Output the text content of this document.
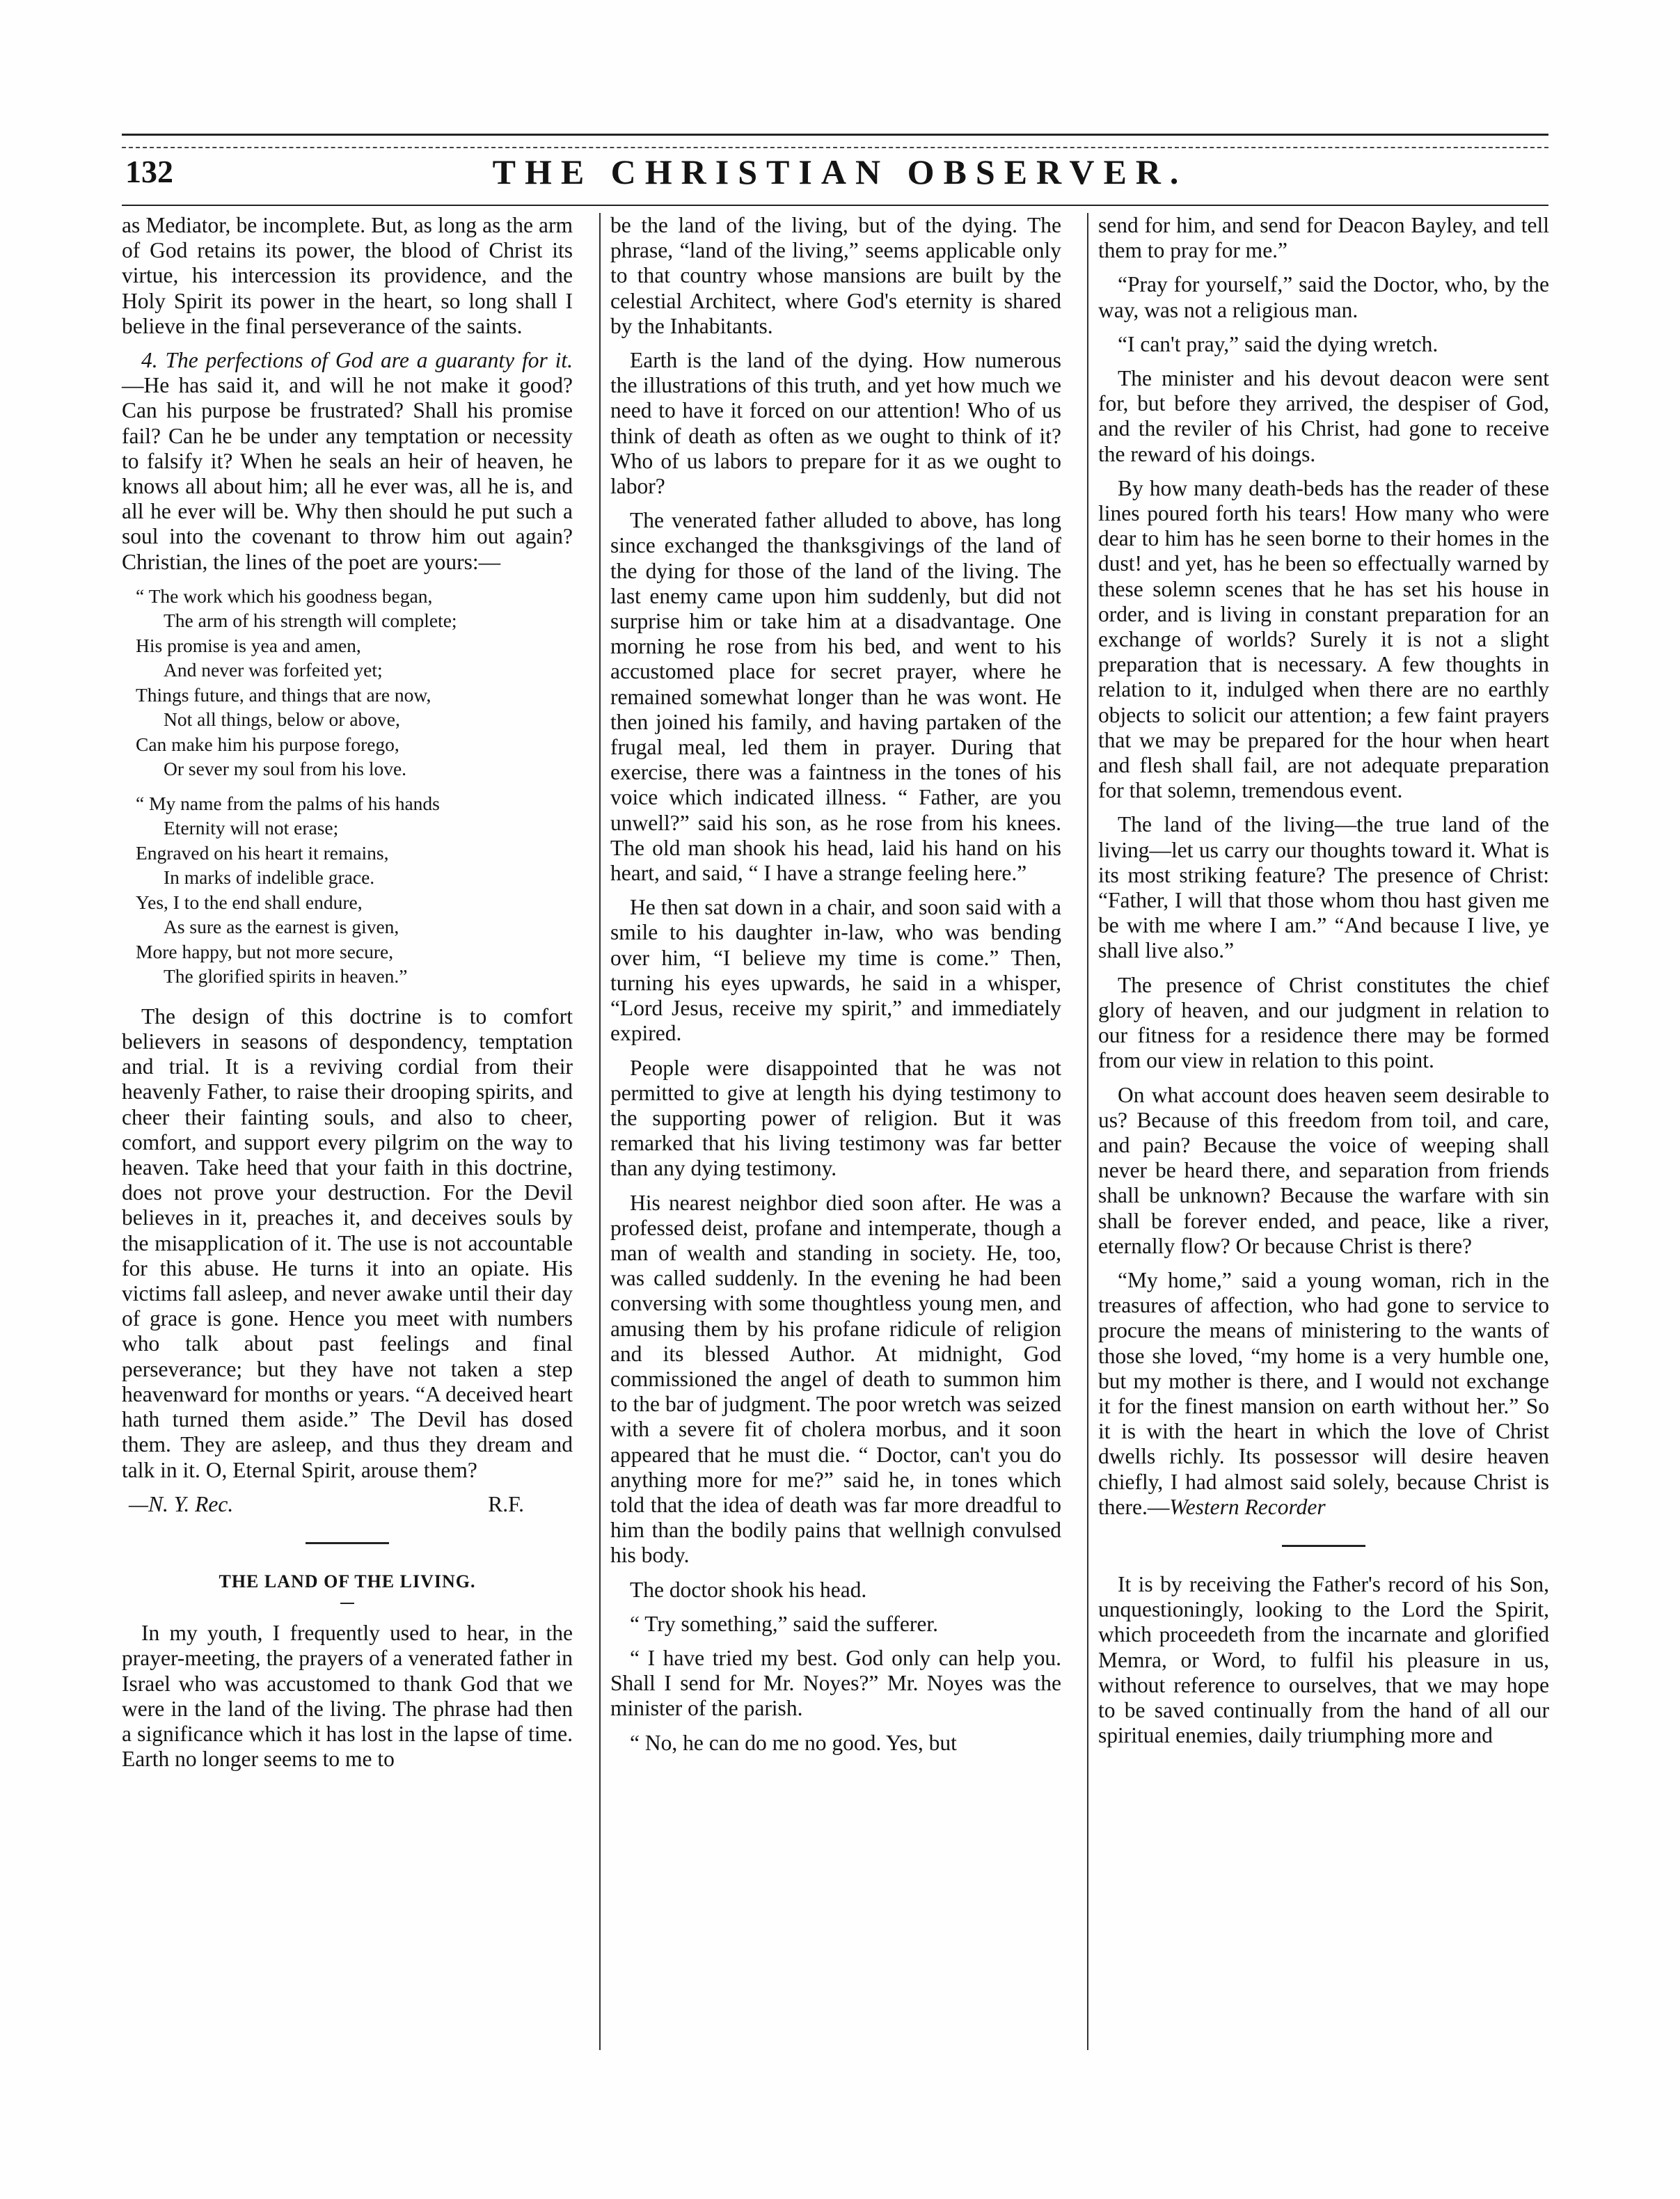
132	THE CHRISTIAN OBSERVER.

as Mediator, be incomplete. But, as long as the arm of God retains its power, the blood of Christ its virtue, his intercession its providence, and the Holy Spirit its power in the heart, so long shall I believe in the final perseverance of the saints.

4. The perfections of God are a guaranty for it.—He has said it, and will he not make it good? Can his purpose be frustrated? Shall his promise fail? Can he be under any temptation or necessity to falsify it? When he seals an heir of heaven, he knows all about him; all he ever was, all he is, and all he ever will be. Why then should he put such a soul into the covenant to throw him out again? Christian, the lines of the poet are yours:—

“ The work which his goodness began,
The arm of his strength will complete;
His promise is yea and amen,
And never was forfeited yet;
Things future, and things that are now,
Not all things, below or above,
Can make him his purpose forego,
Or sever my soul from his love.
“ My name from the palms of his hands
Eternity will not erase;
Engraved on his heart it remains,
In marks of indelible grace.
Yes, I to the end shall endure,
As sure as the earnest is given,
More happy, but not more secure,
The glorified spirits in heaven.”

The design of this doctrine is to comfort believers in seasons of despondency, temptation and trial. It is a reviving cordial from their heavenly Father, to raise their drooping spirits, and cheer their fainting souls, and also to cheer, comfort, and support every pilgrim on the way to heaven. Take heed that your faith in this doctrine, does not prove your destruction. For the Devil believes in it, preaches it, and deceives souls by the misapplication of it. The use is not accountable for this abuse. He turns it into an opiate. His victims fall asleep, and never awake until their day of grace is gone. Hence you meet with numbers who talk about past feelings and final perseverance; but they have not taken a step heavenward for months or years. “A deceived heart hath turned them aside.” The Devil has dosed them. They are asleep, and thus they dream and talk in it. O, Eternal Spirit, arouse them?

—N. Y. Rec.	R.F.

THE LAND OF THE LIVING.

In my youth, I frequently used to hear, in the prayer-meeting, the prayers of a venerated father in Israel who was accustomed to thank God that we were in the land of the living. The phrase had then a significance which it has lost in the lapse of time. Earth no longer seems to me to

be the land of the living, but of the dying. The phrase, “land of the living,” seems applicable only to that country whose mansions are built by the celestial Architect, where God's eternity is shared by the Inhabitants.

Earth is the land of the dying. How numerous the illustrations of this truth, and yet how much we need to have it forced on our attention! Who of us think of death as often as we ought to think of it? Who of us labors to prepare for it as we ought to labor?

The venerated father alluded to above, has long since exchanged the thanksgivings of the land of the dying for those of the land of the living. The last enemy came upon him suddenly, but did not surprise him or take him at a disadvantage. One morning he rose from his bed, and went to his accustomed place for secret prayer, where he remained somewhat longer than he was wont. He then joined his family, and having partaken of the frugal meal, led them in prayer. During that exercise, there was a faintness in the tones of his voice which indicated illness. “ Father, are you unwell?” said his son, as he rose from his knees. The old man shook his head, laid his hand on his heart, and said, “ I have a strange feeling here.”

He then sat down in a chair, and soon said with a smile to his daughter in-law, who was bending over him, “I believe my time is come.” Then, turning his eyes upwards, he said in a whisper, “Lord Jesus, receive my spirit,” and immediately expired.

People were disappointed that he was not permitted to give at length his dying testimony to the supporting power of religion. But it was remarked that his living testimony was far better than any dying testimony.

His nearest neighbor died soon after. He was a professed deist, profane and intemperate, though a man of wealth and standing in society. He, too, was called suddenly. In the evening he had been conversing with some thoughtless young men, and amusing them by his profane ridicule of religion and its blessed Author. At midnight, God commissioned the angel of death to summon him to the bar of judgment. The poor wretch was seized with a severe fit of cholera morbus, and it soon appeared that he must die. “ Doctor, can't you do anything more for me?” said he, in tones which told that the idea of death was far more dreadful to him than the bodily pains that wellnigh convulsed his body.

The doctor shook his head.

“ Try something,” said the sufferer.

“ I have tried my best. God only can help you. Shall I send for Mr. Noyes?” Mr. Noyes was the minister of the parish.

“ No, he can do me no good. Yes, but

send for him, and send for Deacon Bayley, and tell them to pray for me.”

“Pray for yourself,” said the Doctor, who, by the way, was not a religious man.

“I can't pray,” said the dying wretch.

The minister and his devout deacon were sent for, but before they arrived, the despiser of God, and the reviler of his Christ, had gone to receive the reward of his doings.

By how many death-beds has the reader of these lines poured forth his tears! How many who were dear to him has he seen borne to their homes in the dust! and yet, has he been so effectually warned by these solemn scenes that he has set his house in order, and is living in constant preparation for an exchange of worlds? Surely it is not a slight preparation that is necessary. A few thoughts in relation to it, indulged when there are no earthly objects to solicit our attention; a few faint prayers that we may be prepared for the hour when heart and flesh shall fail, are not adequate preparation for that solemn, tremendous event.

The land of the living—the true land of the living—let us carry our thoughts toward it. What is its most striking feature? The presence of Christ: “Father, I will that those whom thou hast given me be with me where I am.” “And because I live, ye shall live also.”

The presence of Christ constitutes the chief glory of heaven, and our judgment in relation to our fitness for a residence there may be formed from our view in relation to this point.

On what account does heaven seem desirable to us? Because of this freedom from toil, and care, and pain? Because the voice of weeping shall never be heard there, and separation from friends shall be unknown? Because the warfare with sin shall be forever ended, and peace, like a river, eternally flow? Or because Christ is there?

“My home,” said a young woman, rich in the treasures of affection, who had gone to service to procure the means of ministering to the wants of those she loved, “my home is a very humble one, but my mother is there, and I would not exchange it for the finest mansion on earth without her.” So it is with the heart in which the love of Christ dwells richly. Its possessor will desire heaven chiefly, I had almost said solely, because Christ is there.—Western Recorder

It is by receiving the Father's record of his Son, unquestioningly, looking to the Lord the Spirit, which proceedeth from the incarnate and glorified Memra, or Word, to fulfil his pleasure in us, without reference to ourselves, that we may hope to be saved continually from the hand of all our spiritual enemies, daily triumphing more and
